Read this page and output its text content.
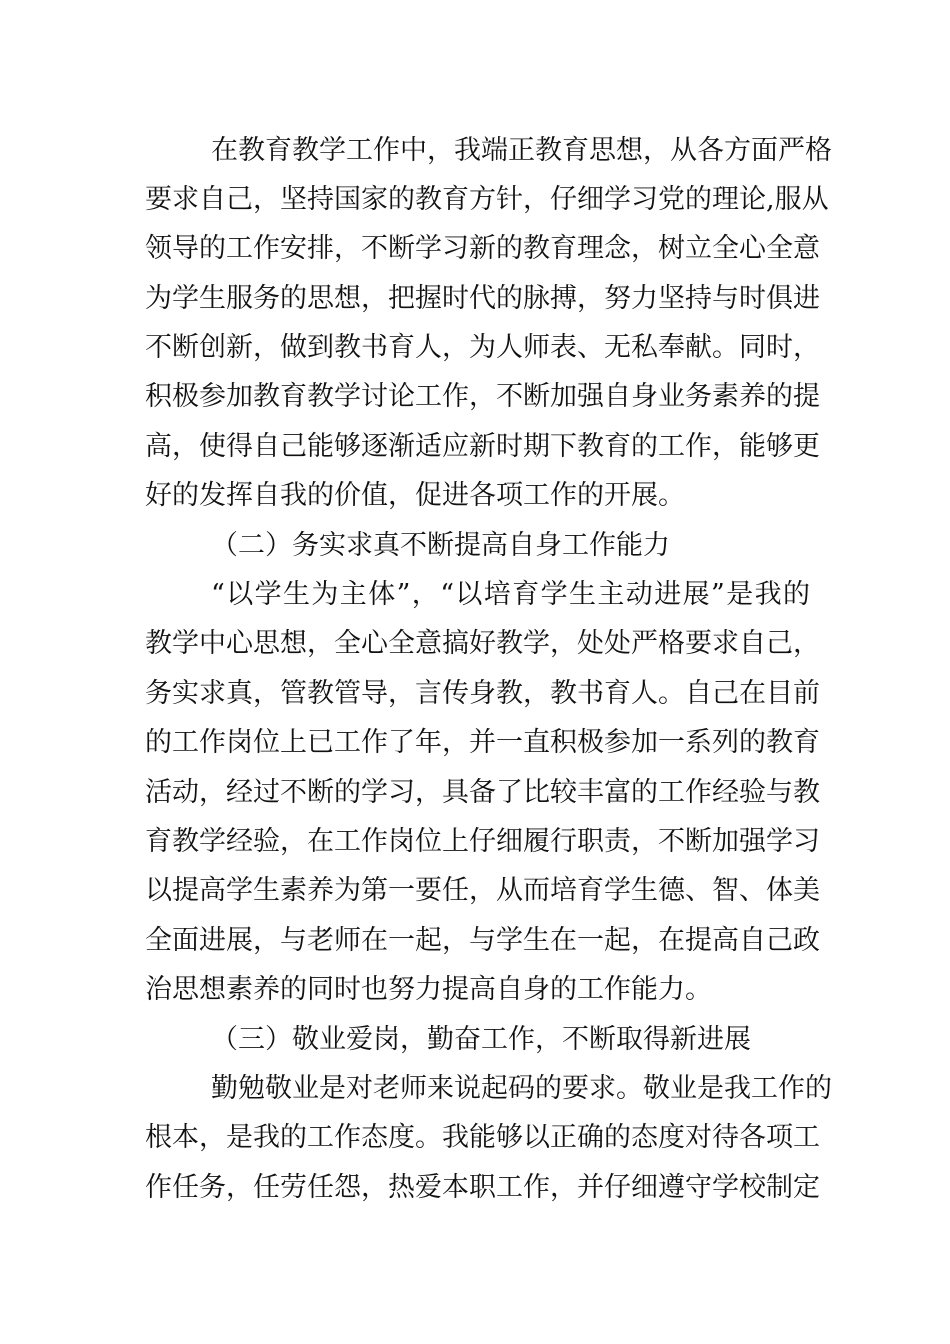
在教育教学工作中，我端正教育思想，从各方面严格
要求自己，坚持国家的教育方针，仔细学习党的理论,服从
领导的工作安排，不断学习新的教育理念，树立全心全意
为学生服务的思想，把握时代的脉搏，努力坚持与时俱进
不断创新，做到教书育人，为人师表、无私奉献。同时，
积极参加教育教学讨论工作，不断加强自身业务素养的提
高，使得自己能够逐渐适应新时期下教育的工作，能够更
好的发挥自我的价值，促进各项工作的开展。
（二）务实求真不断提高自身工作能力
“以学生为主体”，“以培育学生主动进展”是我的
教学中心思想，全心全意搞好教学，处处严格要求自己，
务实求真，管教管导，言传身教，教书育人。自己在目前
的工作岗位上已工作了年，并一直积极参加一系列的教育
活动，经过不断的学习，具备了比较丰富的工作经验与教
育教学经验，在工作岗位上仔细履行职责，不断加强学习
以提高学生素养为第一要任，从而培育学生德、智、体美
全面进展，与老师在一起，与学生在一起，在提高自己政
治思想素养的同时也努力提高自身的工作能力。
（三）敬业爱岗，勤奋工作，不断取得新进展
勤勉敬业是对老师来说起码的要求。敬业是我工作的
根本，是我的工作态度。我能够以正确的态度对待各项工
作任务，任劳任怨，热爱本职工作，并仔细遵守学校制定
